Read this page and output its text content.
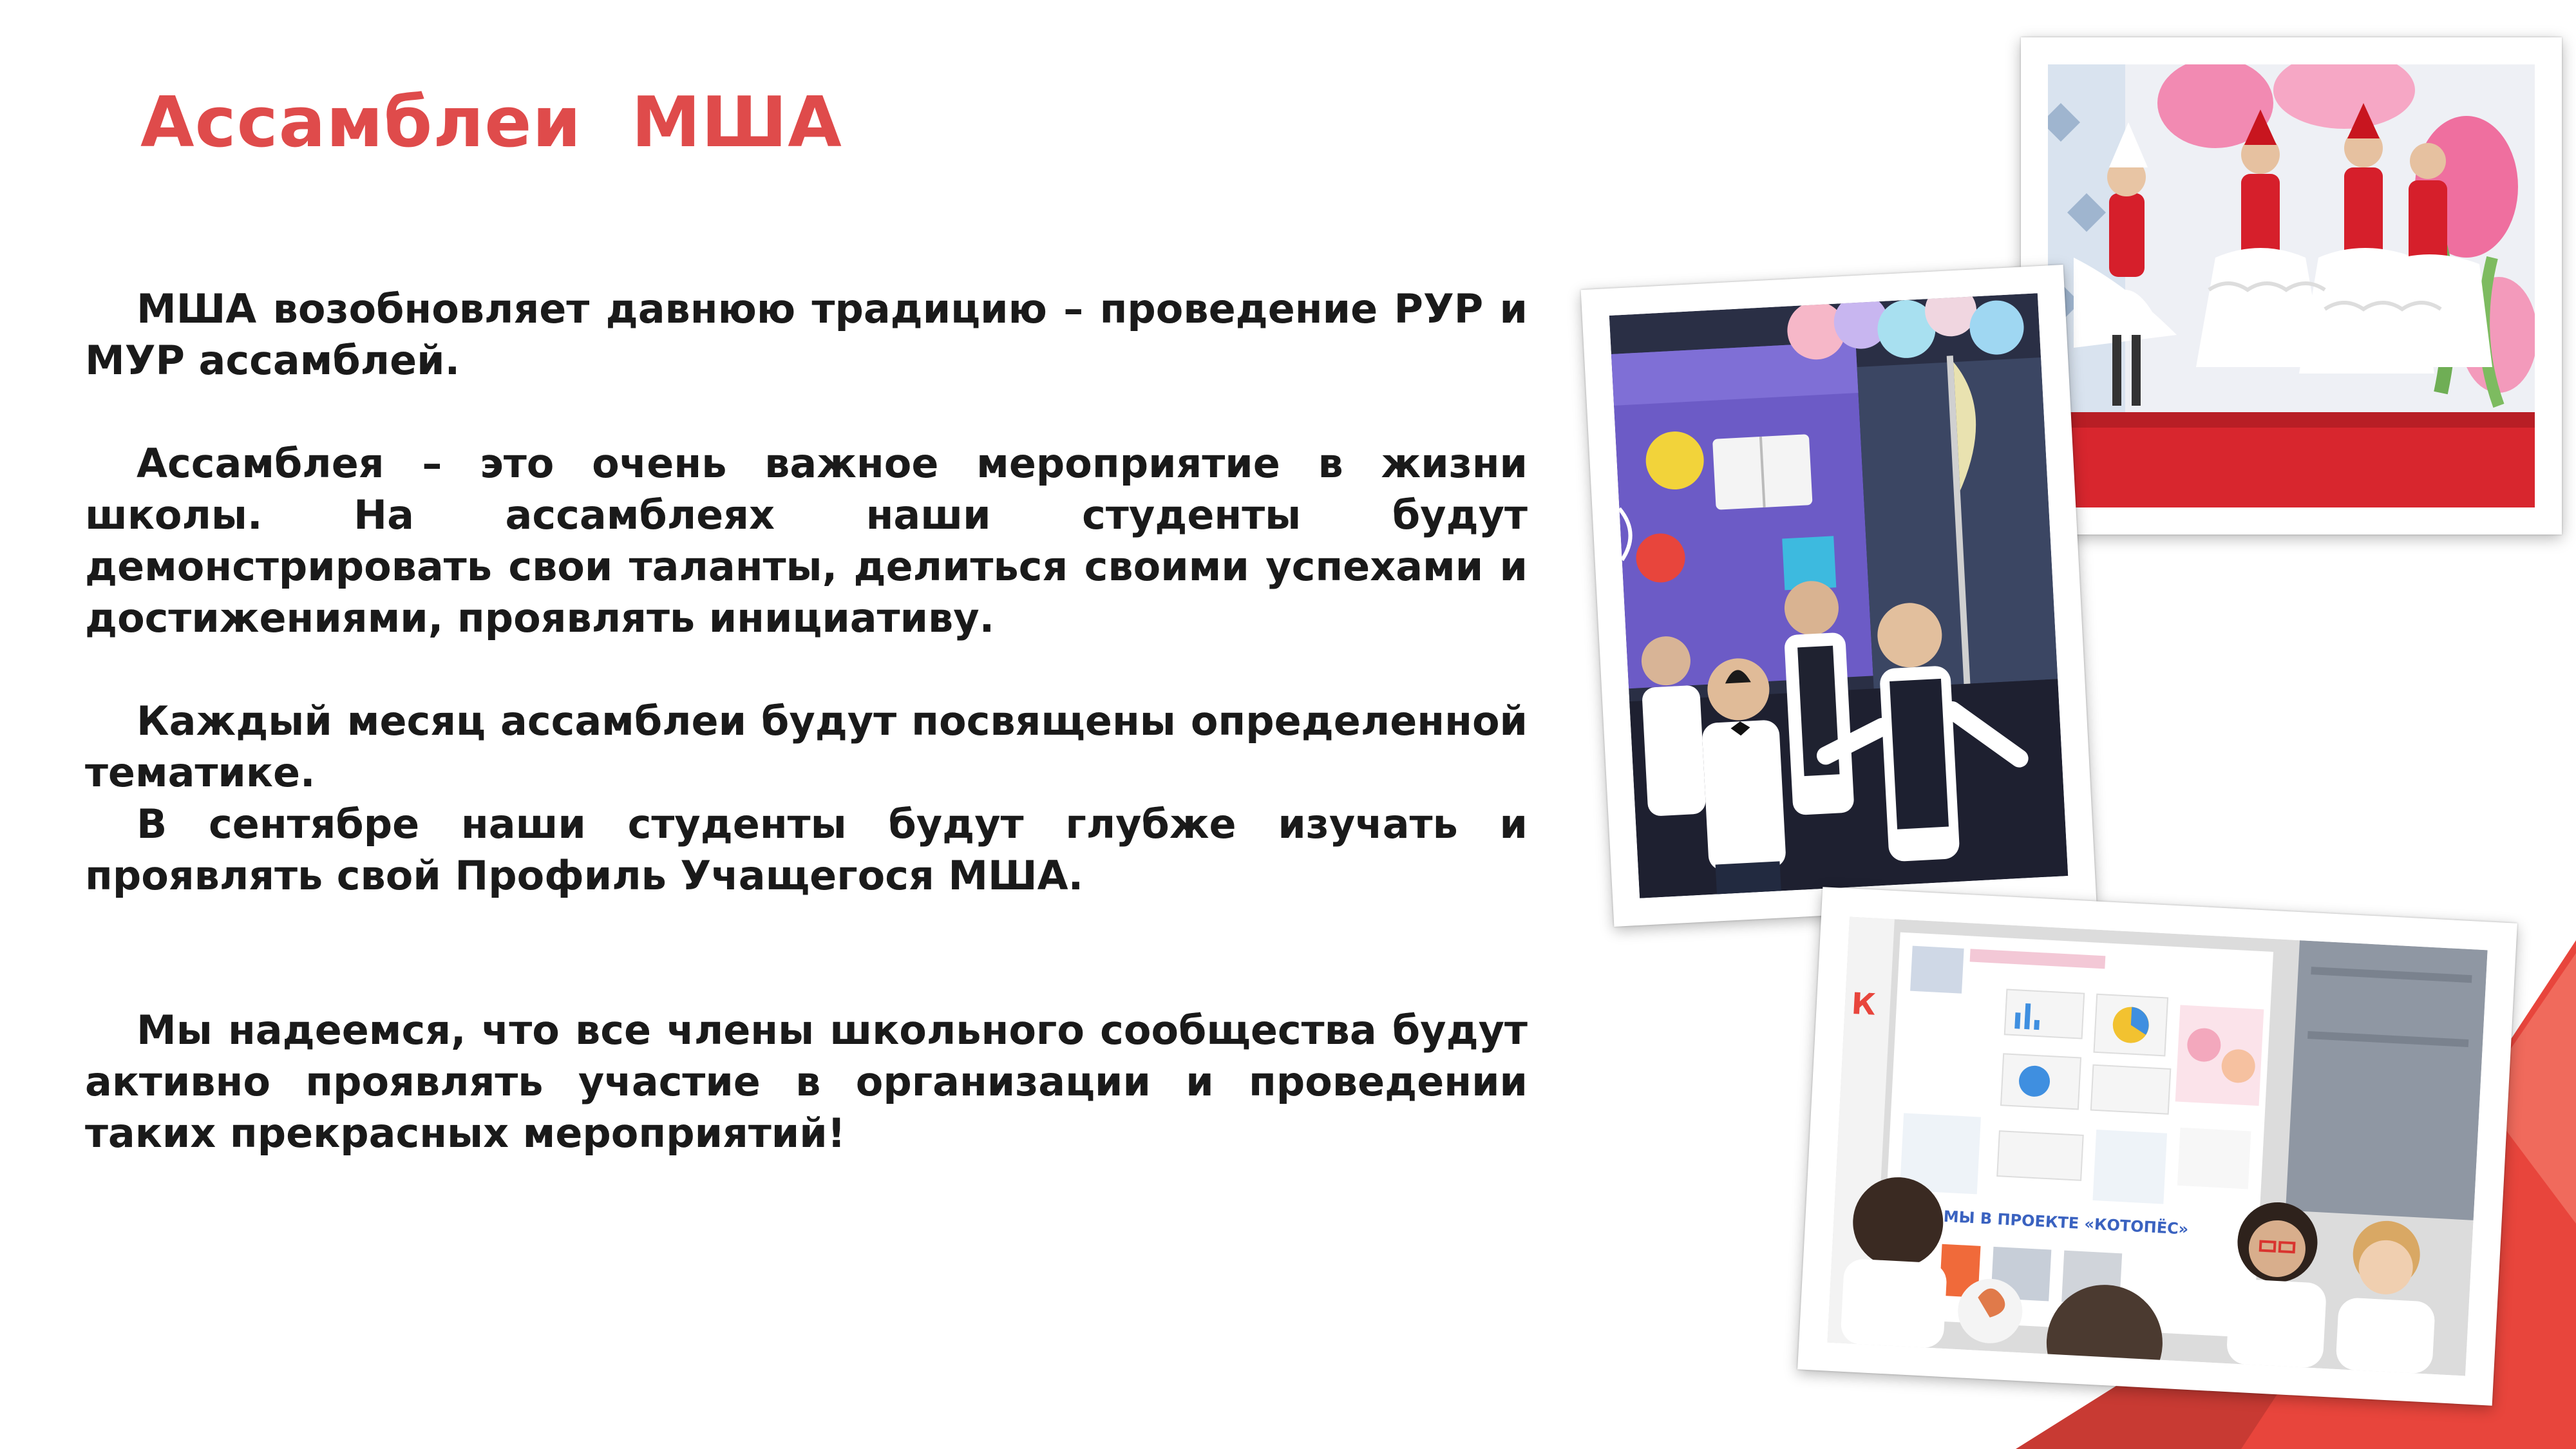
Ассамблеи  МША

МША возобновляет давнюю традицию – проведение РУР и МУР ассамблей.

Ассамблея – это очень важное мероприятие в жизни школы. На ассамблеях наши студенты будут демонстрировать свои таланты, делиться своими успехами и достижениями, проявлять инициативу.

Каждый месяц ассамблеи будут посвящены определенной тематике.

В сентябре наши студенты будут глубже изучать и проявлять свой Профиль Учащегося МША.

Мы надеемся, что все члены школьного сообщества будут активно проявлять участие в организации и проведении таких прекрасных мероприятий!

К
МЫ В ПРОЕКТЕ «КОТОПЁС»
